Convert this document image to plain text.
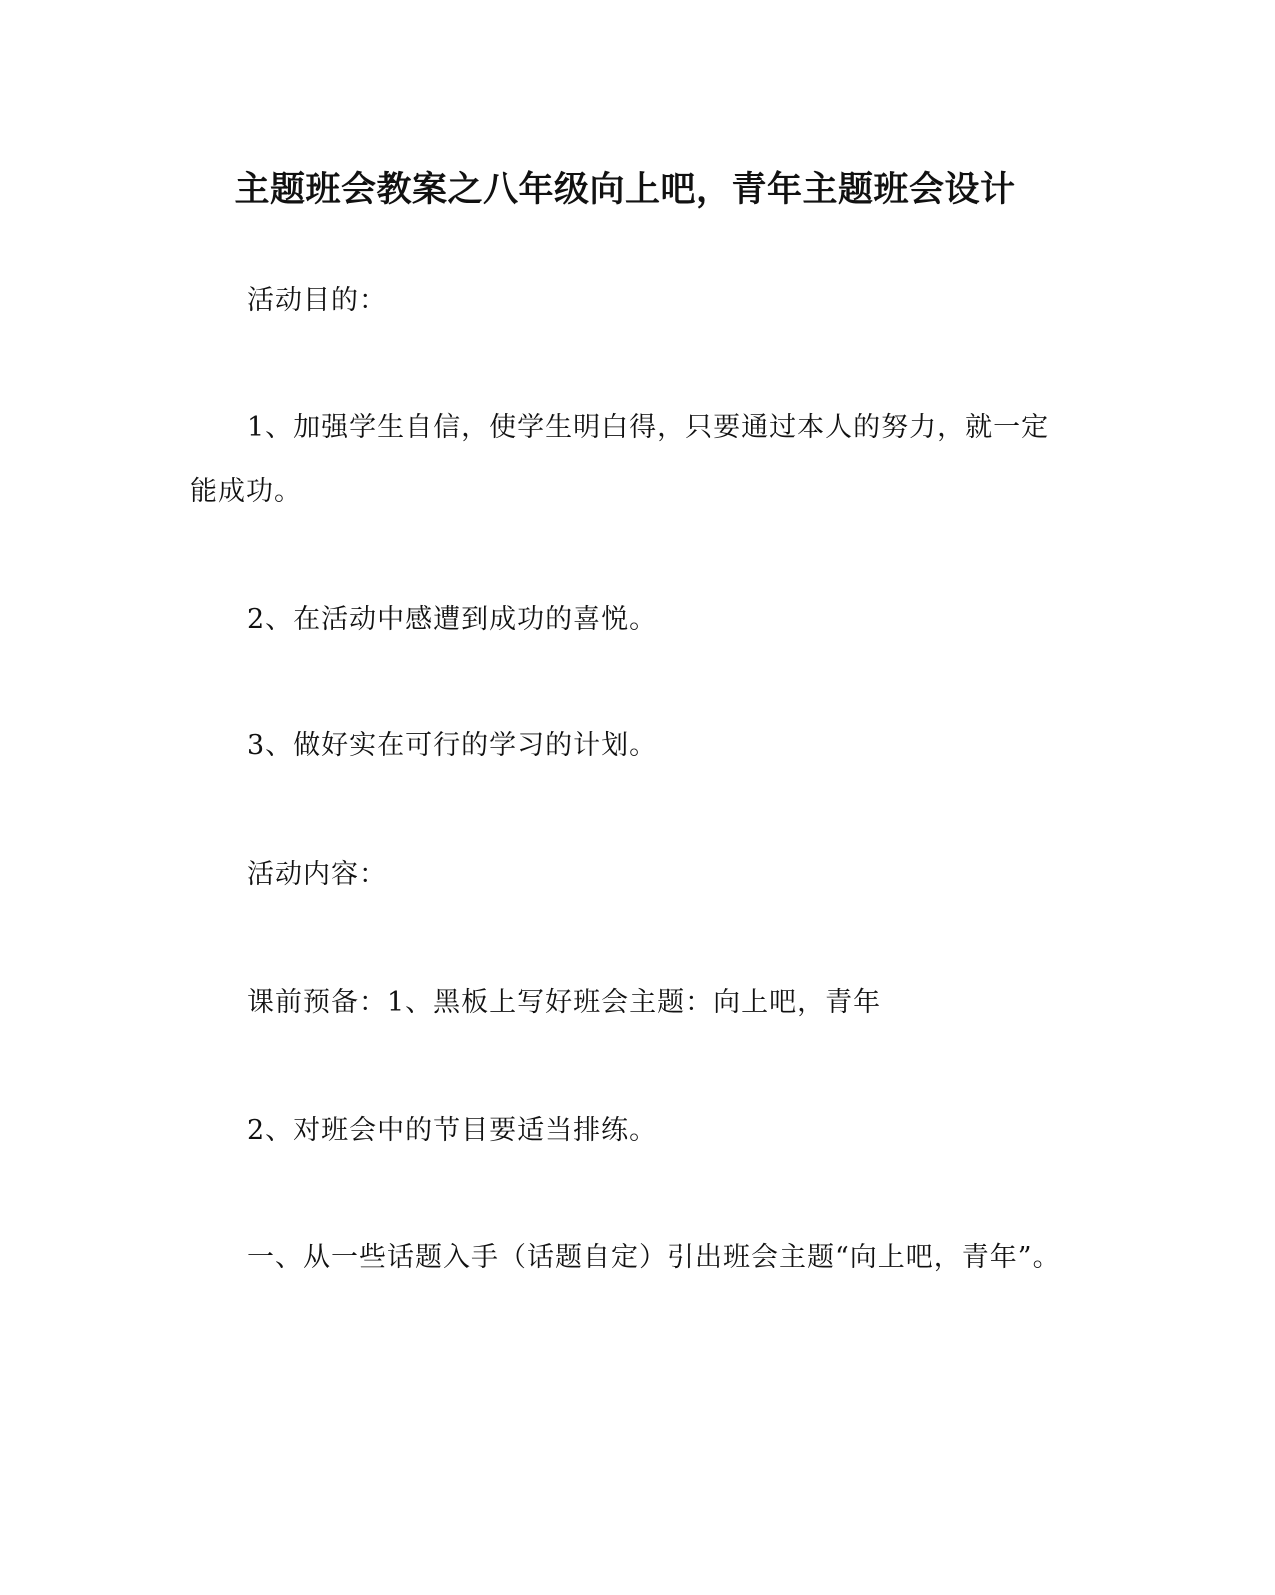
主题班会教案之八年级向上吧，青年主题班会设计

活动目的：

1、加强学生自信，使学生明白得，只要通过本人的努力，就一定能成功。

2、在活动中感遭到成功的喜悦。

3、做好实在可行的学习的计划。

活动内容：

课前预备：1、黑板上写好班会主题：向上吧，青年

2、对班会中的节目要适当排练。

一、从一些话题入手（话题自定）引出班会主题“向上吧，青年”。
